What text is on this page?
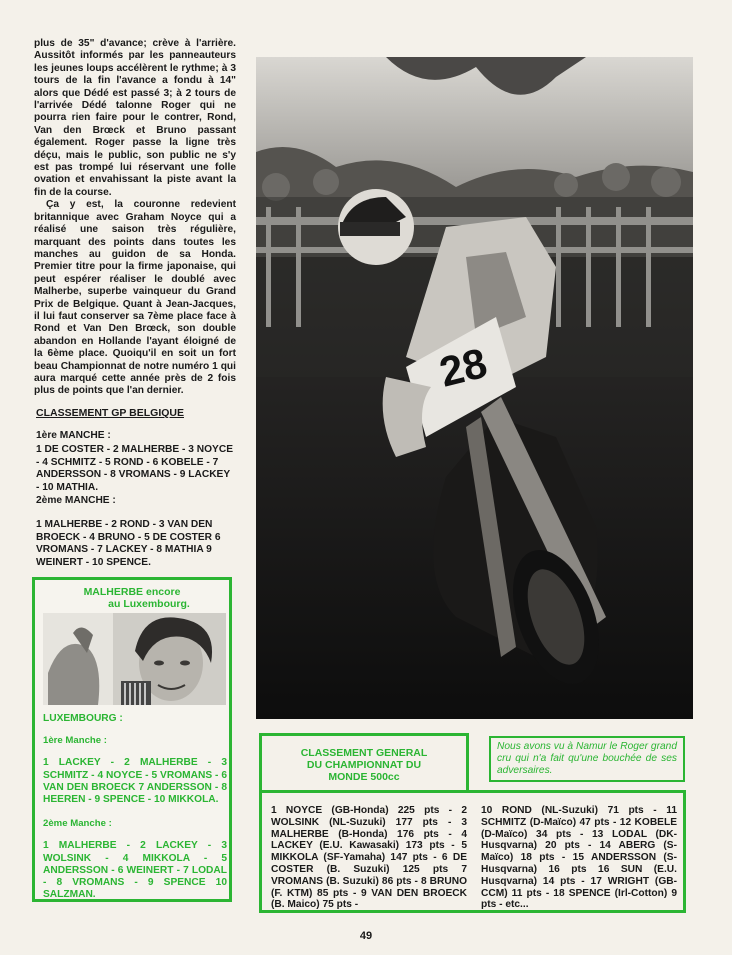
plus de 35" d'avance; crève à l'arrière. Aussitôt informés par les panneauteurs les jeunes loups accélèrent le rythme; à 3 tours de la fin l'avance a fondu à 14" alors que Dédé est passé 3; à 2 tours de l'arrivée Dédé talonne Roger qui ne pourra rien faire pour le contrer, Rond, Van den Brœck et Bruno passant également. Roger passe la ligne très déçu, mais le public, son public ne s'y est pas trompé lui réservant une folle ovation et envahissant la piste avant la fin de la course.

Ça y est, la couronne redevient britannique avec Graham Noyce qui a réalisé une saison très régulière, marquant des points dans toutes les manches au guidon de sa Honda. Premier titre pour la firme japonaise, qui peut espérer réaliser le doublé avec Malherbe, superbe vainqueur du Grand Prix de Belgique. Quant à Jean-Jacques, il lui faut conserver sa 7ème place face à Rond et Van Den Brœck, son double abandon en Hollande l'ayant éloigné de la 6ème place. Quoiqu'il en soit un fort beau Championnat de notre numéro 1 qui aura marqué cette année près de 2 fois plus de points que l'an dernier.

CLASSEMENT GP BELGIQUE
1ère MANCHE :
1 DE COSTER - 2 MALHERBE - 3 NOYCE - 4 SCHMITZ - 5 ROND - 6 KOBELE - 7 ANDERSSON - 8 VROMANS - 9 LACKEY - 10 MATHIA.
2ème MANCHE :
1 MALHERBE - 2 ROND - 3 VAN DEN BROECK - 4 BRUNO - 5 DE COSTER 6 VROMANS - 7 LACKEY - 8 MATHIA 9 WEINERT - 10 SPENCE.
MALHERBE encore
au Luxembourg.
LUXEMBOURG :
1ère Manche :
1 LACKEY - 2 MALHERBE - 3 SCHMITZ - 4 NOYCE - 5 VROMANS - 6 VAN DEN BROECK 7 ANDERSSON - 8 HEEREN - 9 SPENCE - 10 MIKKOLA.
2ème Manche :
1 MALHERBE - 2 LACKEY - 3 WOLSINK - 4 MIKKOLA - 5 ANDERSSON - 6 WEINERT - 7 LODAL - 8 VROMANS - 9 SPENCE 10 SALZMAN.
28
CLASSEMENT GENERAL
DU CHAMPIONNAT DU
MONDE 500cc
1 NOYCE (GB-Honda) 225 pts - 2 WOLSINK (NL-Suzuki) 177 pts - 3 MALHERBE (B-Honda) 176 pts - 4 LACKEY (E.U. Kawasaki) 173 pts - 5 MIKKOLA (SF-Yamaha) 147 pts - 6 DE COSTER (B. Suzuki) 125 pts 7 VROMANS (B. Suzuki) 86 pts - 8 BRUNO (F. KTM) 85 pts - 9 VAN DEN BROECK (B. Maico) 75 pts -
10 ROND (NL-Suzuki) 71 pts - 11 SCHMITZ (D-Maïco) 47 pts - 12 KOBELE (D-Maïco) 34 pts - 13 LODAL (DK-Husqvarna) 20 pts - 14 ABERG (S-Maïco) 18 pts - 15 ANDERSSON (S-Husqvarna) 16 pts 16 SUN (E.U. Husqvarna) 14 pts - 17 WRIGHT (GB-CCM) 11 pts - 18 SPENCE (Irl-Cotton) 9 pts - etc...
Nous avons vu à Namur le Roger grand cru qui n'a fait qu'une bouchée de ses adversaires.
49
